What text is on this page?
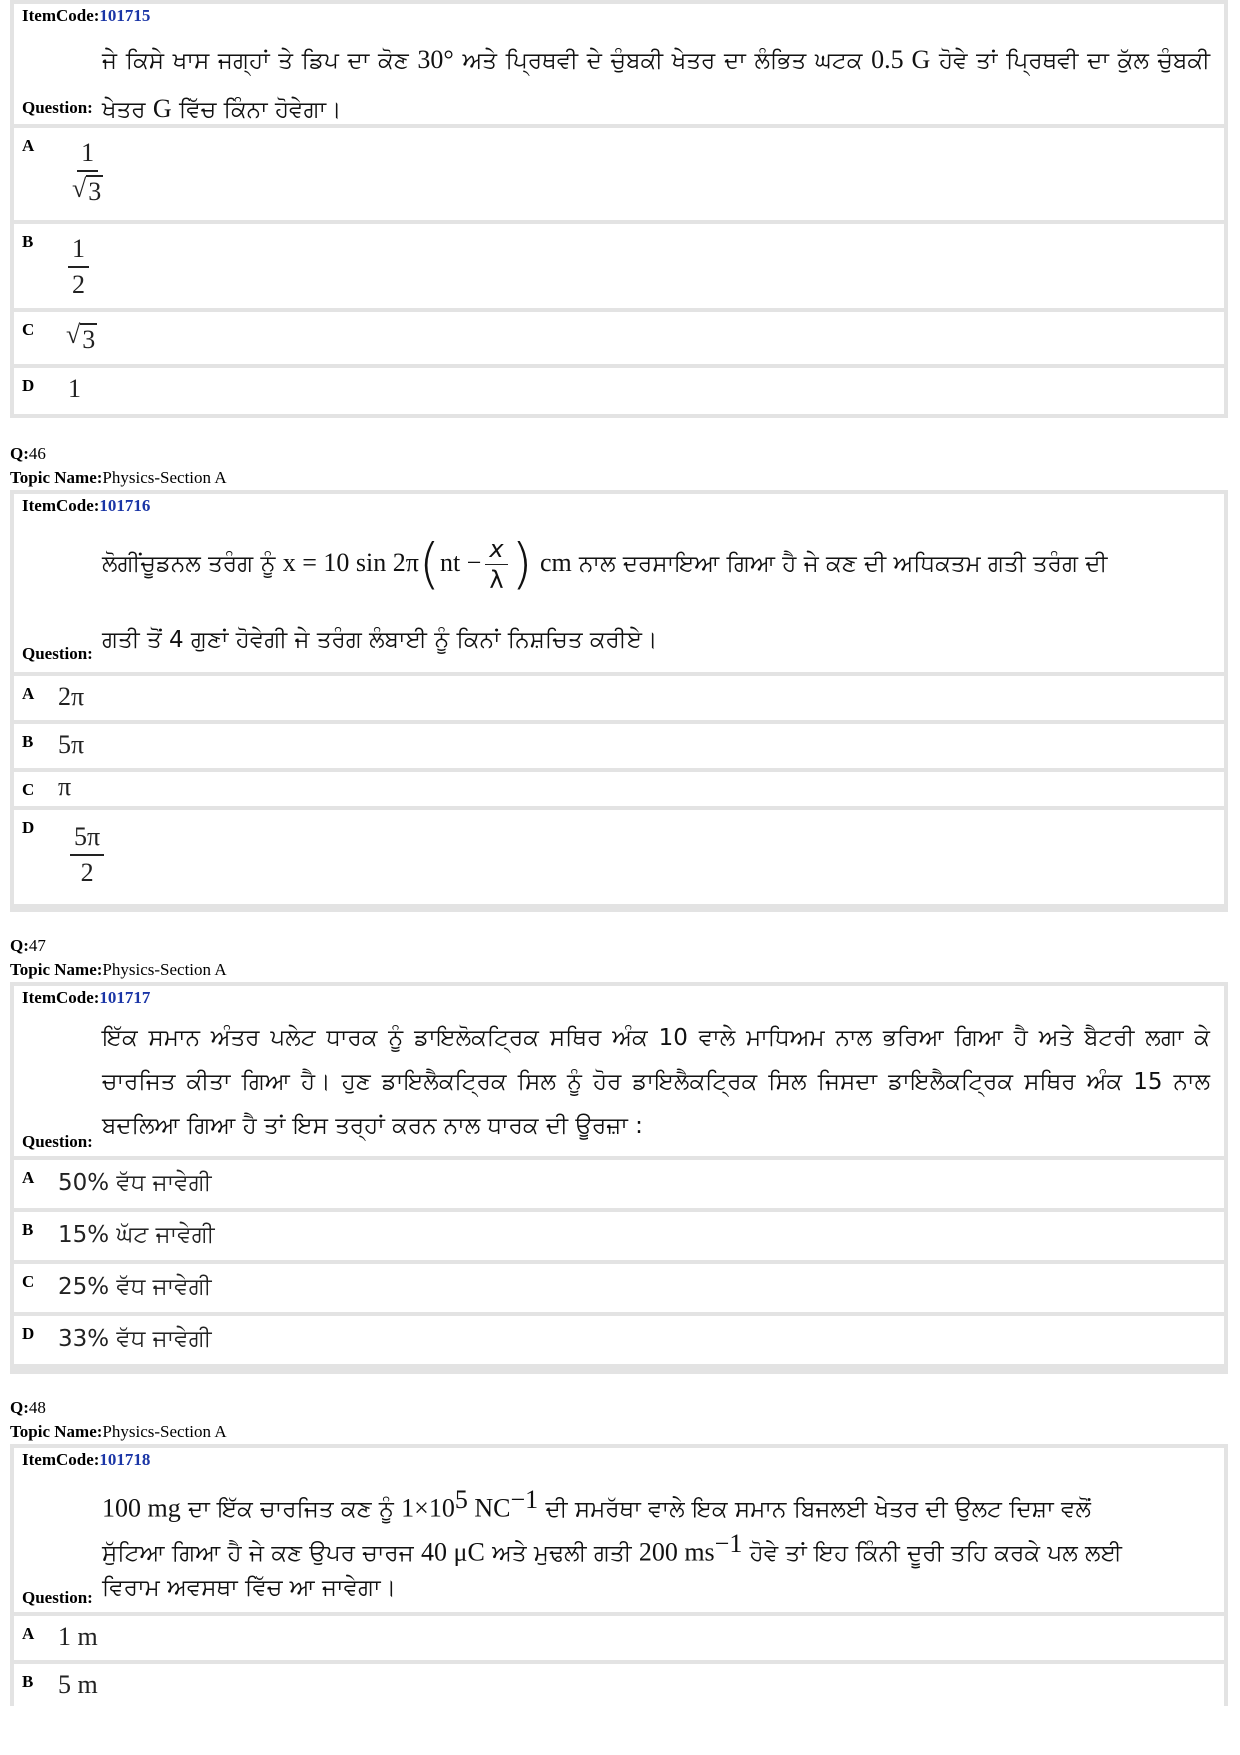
ItemCode:101715
ਜੇ ਕਿਸੇ ਖਾਸ ਜਗ੍ਹਾਂ ਤੇ ਡਿਪ ਦਾ ਕੋਣ 30° ਅਤੇ ਪ੍ਰਿਥਵੀ ਦੇ ਚੁੰਬਕੀ ਖੇਤਰ ਦਾ ਲੰਭਿਤ ਘਟਕ 0.5 G ਹੋਵੇ ਤਾਂ ਪ੍ਰਿਥਵੀ ਦਾ ਕੁੱਲ ਚੁੰਬਕੀ ਖੇਤਰ G ਵਿੱਚ ਕਿੰਨਾ ਹੋਵੇਗਾ।
Question:
A $\frac{1}{√ 3}$
B $\frac{1}{2}$
C √ 3
D 1
Q:46
Topic Name:Physics-Section A
ItemCode:101716
ਲੋਗੀਂਚੂਡਨਲ ਤਰੰਗ ਨੂੰ x = 10 $\sin 2\pi(nt - \frac{x}{\lambda}$ ) cm ਨਾਲ ਦਰਸਾਇਆ ਗਿਆ ਹੈ ਜੇ ਕਣ ਦੀ ਅਧਿਕਤਮ ਗਤੀ ਤਰੰਗ ਦੀ
ਗਤੀ ਤੋਂ 4 ਗੁਣਾਂ ਹੋਵੇਗੀ ਜੇ ਤਰੰਗ ਲੰਬਾਈ ਨੂੰ ਕਿਨਾਂ ਨਿਸ਼ਚਿਤ ਕਰੀਏ।
Question:
A 2π
B 5π
C π
D $\frac{5\pi}{2}$
Q:47
Topic Name:Physics-Section A
ItemCode:101717
ਇੱਕ ਸਮਾਨ ਅੰਤਰ ਪਲੇਟ ਧਾਰਕ ਨੂੰ ਡਾਇਲੋਕਟ੍ਰਿਕ ਸਥਿਰ ਅੰਕ 10 ਵਾਲੇ ਮਾਧਿਅਮ ਨਾਲ ਭਰਿਆ ਗਿਆ ਹੈ ਅਤੇ ਬੈਟਰੀ ਲਗਾ ਕੇ ਚਾਰਜਿਤ ਕੀਤਾ ਗਿਆ ਹੈ। ਹੁਣ ਡਾਇਲੈਕਟ੍ਰਿਕ ਸਿਲ ਨੂੰ ਹੋਰ ਡਾਇਲੈਕਟ੍ਰਿਕ ਸਿਲ ਜਿਸਦਾ ਡਾਇਲੈਕਟ੍ਰਿਕ ਸਥਿਰ ਅੰਕ 15 ਨਾਲ ਬਦਲਿਆ ਗਿਆ ਹੈ ਤਾਂ ਇਸ ਤਰ੍ਹਾਂ ਕਰਨ ਨਾਲ ਧਾਰਕ ਦੀ ਊਰਜ਼ਾ :
Question:
A 50% ਵੱਧ ਜਾਵੇਗੀ
B 15% ਘੱਟ ਜਾਵੇਗੀ
C 25% ਵੱਧ ਜਾਵੇਗੀ
D 33% ਵੱਧ ਜਾਵੇਗੀ
Q:48
Topic Name:Physics-Section A
ItemCode:101718
100 mg ਦਾ ਇੱਕ ਚਾਰਜਿਤ ਕਣ ਨੂੰ $1\times 10^5$ $NC^{-1}$ ਦੀ ਸਮਰੱਥਾ ਵਾਲੇ ਇਕ ਸਮਾਨ ਬਿਜਲਈ ਖੇਤਰ ਦੀ ਉਲਟ ਦਿਸ਼ਾ ਵਲੋਂ
ਸੁੱਟਿਆ ਗਿਆ ਹੈ ਜੇ ਕਣ ਉਪਰ ਚਾਰਜ 40 μC ਅਤੇ ਮੁਢਲੀ ਗਤੀ 200 $ms^{-1}$ ਹੋਵੇ ਤਾਂ ਇਹ ਕਿੰਨੀ ਦੂਰੀ ਤਹਿ ਕਰਕੇ ਪਲ ਲਈ
ਵਿਰਾਮ ਅਵਸਥਾ ਵਿੱਚ ਆ ਜਾਵੇਗਾ।
Question:
A 1 m
B 5 m
